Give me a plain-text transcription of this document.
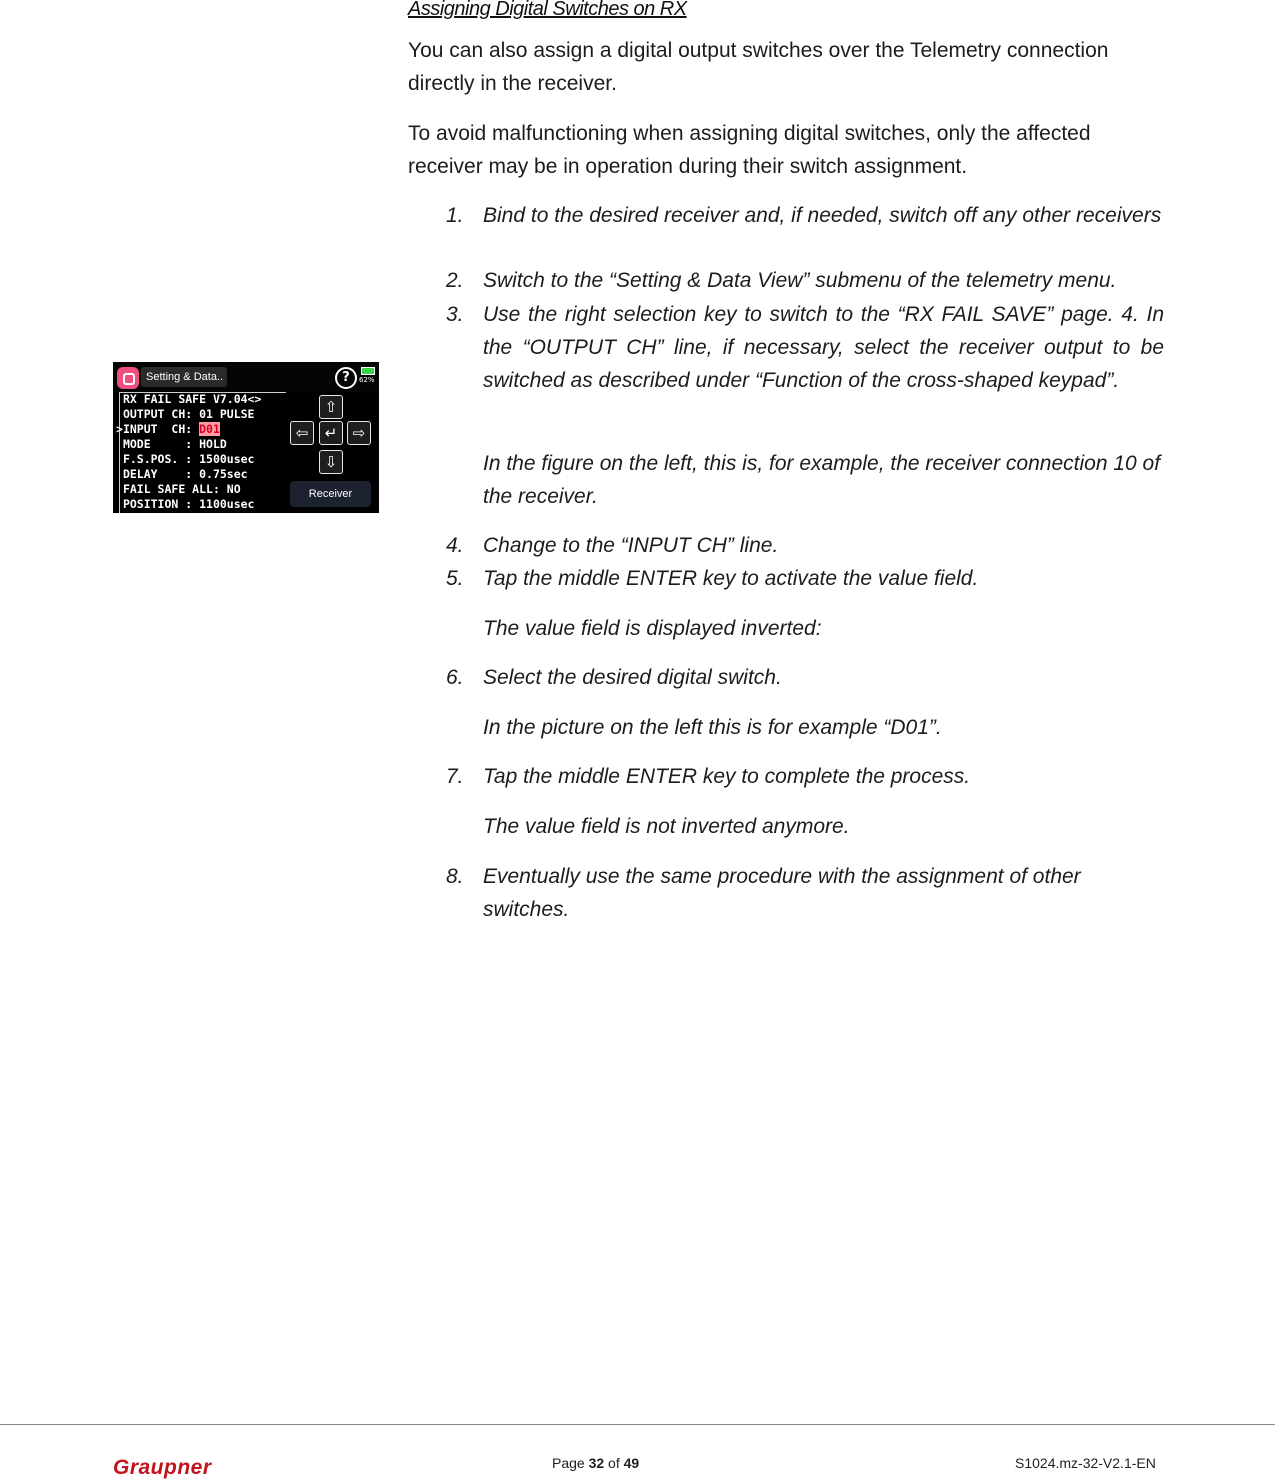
Assigning Digital Switches on RX
You can also assign a digital output switches over the Telemetry connection directly in the receiver.
To avoid malfunctioning when assigning digital switches, only the affected receiver may be in operation during their switch assignment.
1. Bind to the desired receiver and, if needed, switch off any other receivers
2. Switch to the “Setting & Data View” submenu of the telemetry menu.
3. Use the right selection key to switch to the “RX FAIL SAVE” page. 4. In the “OUTPUT CH” line, if necessary, select the receiver output to be switched as described under “Function of the cross-shaped keypad”.
In the figure on the left, this is, for example, the receiver connection 10 of the receiver.
4. Change to the “INPUT CH” line.
5. Tap the middle ENTER key to activate the value field.
The value field is displayed inverted:
6. Select the desired digital switch.
In the picture on the left this is for example “D01”.
7. Tap the middle ENTER key to complete the process.
The value field is not inverted anymore.
8. Eventually use the same procedure with the assignment of other switches.
Setting & Data..	?	62%
RX FAIL SAFE V7.04<>
OUTPUT CH: 01 PULSE
>INPUT  CH: D01
MODE     : HOLD
F.S.POS. : 1500usec
DELAY    : 0.75sec
FAIL SAFE ALL: NO
POSITION : 1100usec
⇧
⇦	↵	⇨
⇩
Receiver
Graupner	Page 32 of 49	S1024.mz-32-V2.1-EN
